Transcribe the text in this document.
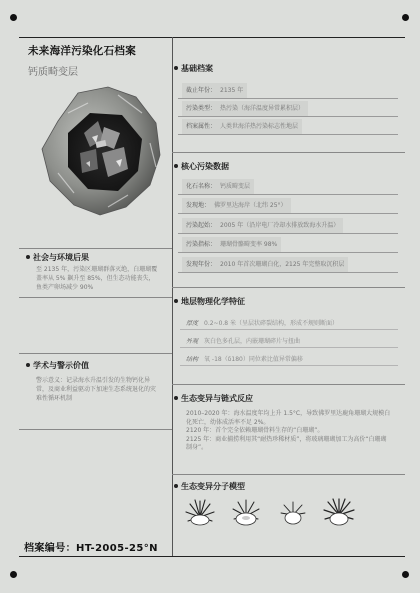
未来海洋污染化石档案
钙质畸变层
社会与环境后果
至 2135 年，污染区珊瑚群落灭绝，白珊瑚覆盖率从 5% 飙升至 85%，但生态功能丧失，鱼类产卵场减少 90%
学术与警示价值
警示意义：记录海水升温引发的生物钙化异常，及商业利益驱动下加速生态系统退化的灾难性循环机制
档案编号：HT-2005-25°N
基础档案
截止年份： 2135 年
污染类型： 热污染（海洋温度异常累积层）
档案属性： 人类世海洋热污染标志性地层
核心污染数据
化石名称： 钙质畸变层
发现地： 佛罗里达海岸（北纬 25°）
污染起始： 2005 年（沿岸电厂冷却水排放致海水升温）
污染指标： 珊瑚骨骼畸变率 98%
发现年份： 2010 年首次珊瑚白化，2125 年完整取沉积层
地层物理化学特征
厚度 0.2~0.8 米（呈层状碎裂结构，形成不规则断面）
外观 灰白色多孔层，内嵌珊瑚碎片与扭曲
结构 氧 -18（δ180）同位素比值异常偏移
生态变异与链式反应
2010–2020 年：海水温度年均上升 1.5°C，导致佛罗里达鹿角珊瑚大规模白化死亡，幼体成活率不足 2%。
2120 年：首个完全依赖珊瑚骨料生存的“白珊瑚”。
2125 年：商业捕捞利用其“耐热珍稀材质”，将玻璃珊瑚加工为高价“白珊瑚制身”。
生态变异分子模型
